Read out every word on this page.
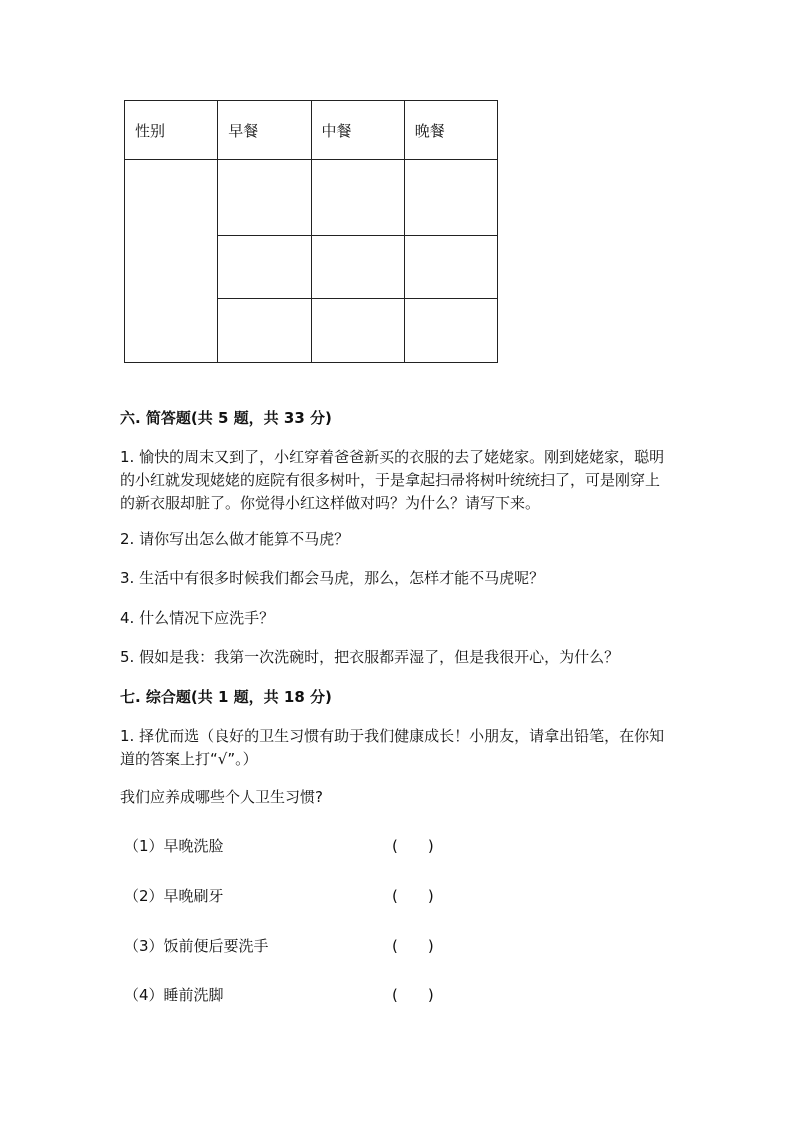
性别	早餐	中餐	晚餐

六. 简答题(共 5 题，共 33 分)
1. 愉快的周末又到了，小红穿着爸爸新买的衣服的去了姥姥家。刚到姥姥家，聪明的小红就发现姥姥的庭院有很多树叶，于是拿起扫帚将树叶统统扫了，可是刚穿上的新衣服却脏了。你觉得小红这样做对吗？为什么？请写下来。
2. 请你写出怎么做才能算不马虎？
3. 生活中有很多时候我们都会马虎，那么，怎样才能不马虎呢？
4. 什么情况下应洗手？
5. 假如是我：我第一次洗碗时，把衣服都弄湿了，但是我很开心，为什么？
七. 综合题(共 1 题，共 18 分)
1. 择优而选（良好的卫生习惯有助于我们健康成长！小朋友，请拿出铅笔，在你知道的答案上打“√”。）
我们应养成哪些个人卫生习惯?
（1）早晚洗脸	(　　)
（2）早晚刷牙	(　　)
（3）饭前便后要洗手	(　　)
（4）睡前洗脚	(　　)
